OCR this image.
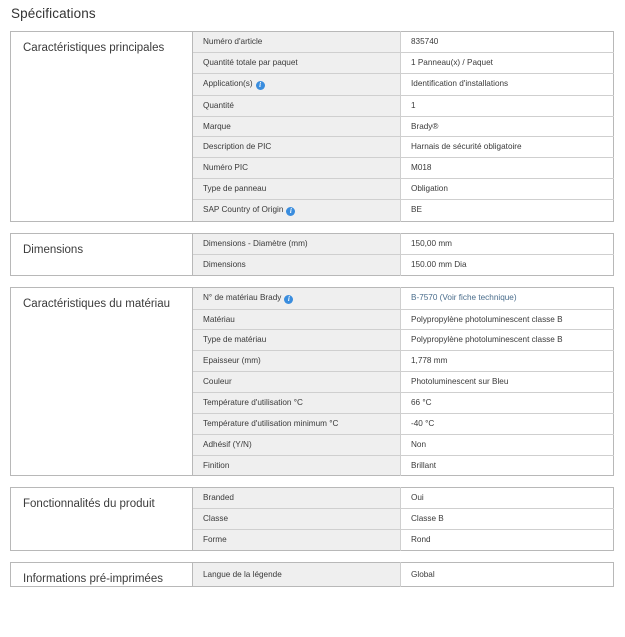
Spécifications
Caractéristiques principales	Numéro d'article	835740
	Quantité totale par paquet	1 Panneau(x) / Paquet
	Application(s) i	Identification d'installations
	Quantité	1
	Marque	Brady®
	Description de PIC	Harnais de sécurité obligatoire
	Numéro PIC	M018
	Type de panneau	Obligation
	SAP Country of Origin i	BE
Dimensions	Dimensions - Diamètre (mm)	150,00 mm
	Dimensions	150.00 mm Dia
Caractéristiques du matériau	N° de matériau Brady i	B-7570 (Voir fiche technique)
	Matériau	Polypropylène photoluminescent classe B
	Type de matériau	Polypropylène photoluminescent classe B
	Epaisseur (mm)	1,778 mm
	Couleur	Photoluminescent sur Bleu
	Température d'utilisation °C	66 °C
	Température d'utilisation minimum °C	-40 °C
	Adhésif (Y/N)	Non
	Finition	Brillant
Fonctionnalités du produit	Branded	Oui
	Classe	Classe B
	Forme	Rond
Informations pré-imprimées	Langue de la légende	Global
